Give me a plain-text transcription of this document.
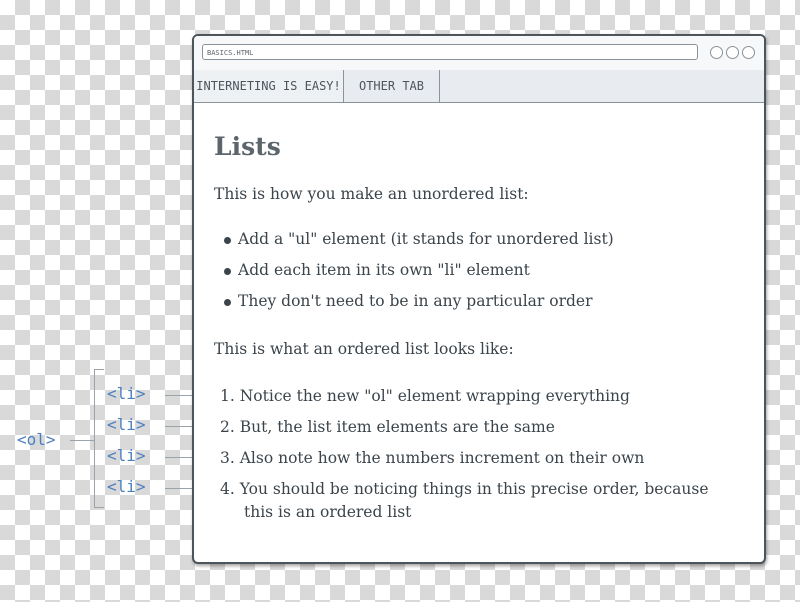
<ol>

<li>

<li>

<li>

<li>

BASICS.HTML
INTERNETING IS EASY!	OTHER TAB
Lists

This is how you make an unordered list:

Add a "ul" element (it stands for unordered list)

Add each item in its own "li" element

They don't need to be in any particular order

This is what an ordered list looks like:

1. Notice the new "ol" element wrapping everything

2. But, the list item elements are the same

3. Also note how the numbers increment on their own

4. You should be noticing things in this precise order, because

this is an ordered list
